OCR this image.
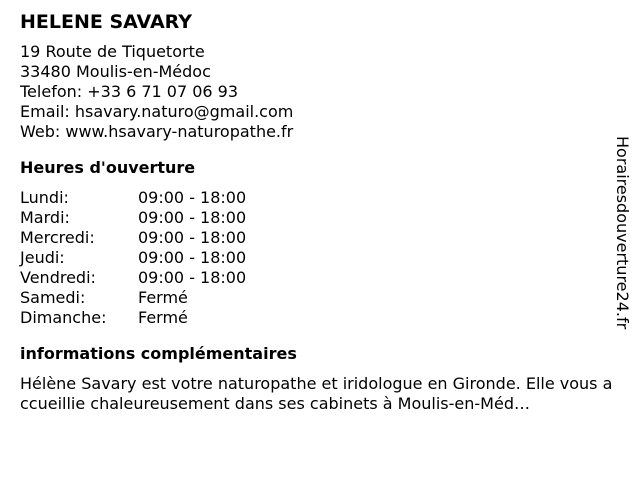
HELENE SAVARY
19 Route de Tiquetorte
33480 Moulis-en-Médoc
Telefon: +33 6 71 07 06 93
Email: hsavary.naturo@gmail.com
Web: www.hsavary-naturopathe.fr
Heures d'ouverture
Lundi:	09:00 - 18:00
Mardi:	09:00 - 18:00
Mercredi:	09:00 - 18:00
Jeudi:	09:00 - 18:00
Vendredi:	09:00 - 18:00
Samedi:	Fermé
Dimanche:	Fermé
informations complémentaires
Hélène Savary est votre naturopathe et iridologue en Gironde. Elle vous accueillie chaleureusement dans ses cabinets à Moulis-en-Méd…
Horairesdouverture24.fr
